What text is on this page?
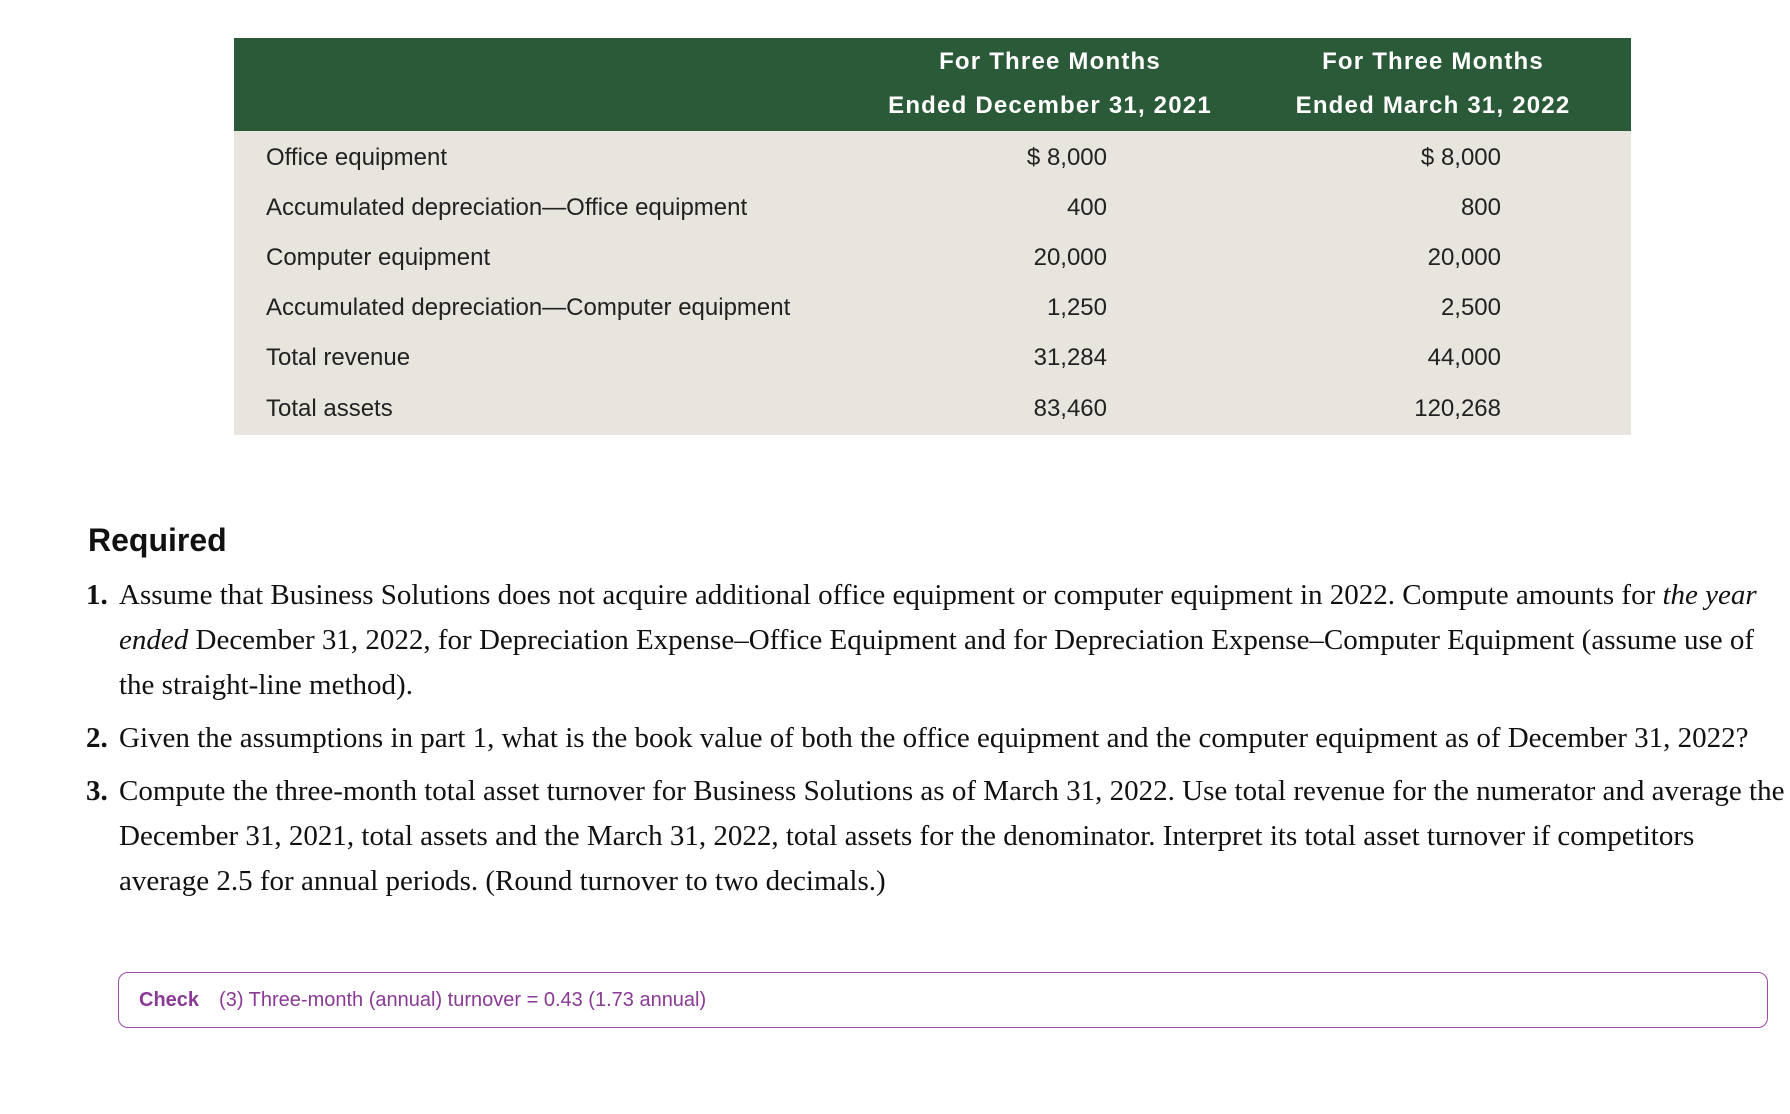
	For Three Months	For Three Months
	Ended December 31, 2021	Ended March 31, 2022
Office equipment	$ 8,000	$ 8,000
Accumulated depreciation—Office equipment	400	800
Computer equipment	20,000	20,000
Accumulated depreciation—Computer equipment	1,250	2,500
Total revenue	31,284	44,000
Total assets	83,460	120,268
Required
1. Assume that Business Solutions does not acquire additional office equipment or computer equipment in 2022. Compute amounts for the year ended December 31, 2022, for Depreciation Expense–Office Equipment and for Depreciation Expense–Computer Equipment (assume use of the straight-line method).
2. Given the assumptions in part 1, what is the book value of both the office equipment and the computer equipment as of December 31, 2022?
3. Compute the three-month total asset turnover for Business Solutions as of March 31, 2022. Use total revenue for the numerator and average the December 31, 2021, total assets and the March 31, 2022, total assets for the denominator. Interpret its total asset turnover if competitors average 2.5 for annual periods. (Round turnover to two decimals.)
Check (3) Three-month (annual) turnover = 0.43 (1.73 annual)
